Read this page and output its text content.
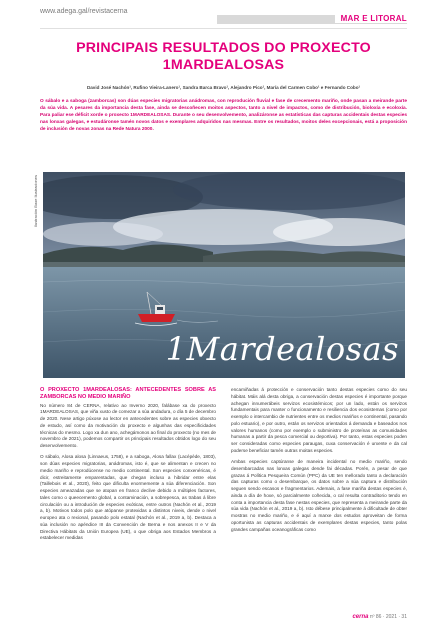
www.adega.gal/revistacerna
MAR E LITORAL
PRINCIPAIS RESULTADOS DO PROXECTO
1MARDEALOSAS
David José Nachón¹, Rufino Vieira-Lanero¹, Sandra Barca Bravo¹, Alejandro Pico¹, María del Carmen Cobo¹ e Fernando Cobo¹

O sábalo e a saboga (zamborcas) son dúas especies migratorias anádromas, con reprodución fluvial e fase de crecemento mariño, onde pasan a meirande parte da súa vida. A pesares da importancia desta fase, ainda se descoñecen moitos aspectos, tanto a nivel de impactos, como de distribución, bioloxía e ecoloxía. Para paliar ese déficit xorde o proxecto 1MARDEALOSAS. Durante o seu desenvolvemento, analizáronse as estatísticas das capturas accidentais destas especies nas lonxas galegas, e estudáronse tamén novos datos e exemplares adquiridos nas mesmas. Entre os resultados, moitos deles excepcionais, está a proposición de inclusión de novas zonas na Rede Natura 2000.

Ilustración Baxe Ilustraciones
1Mardealosas
O PROXECTO 1MARDEALOSAS: ANTECEDENTES SOBRE AS ZAMBORCAS NO MEDIO MARIÑO

No número 84 de CERNA, relativo ao Inverno 2020, falábase xa do proxecto 1MARDEALOSAS, que viña xusto de comezar a súa andadura, o día 5 de decembro de 2020. Nese artigo púxose ao lector en antecedentes sobre as especies obxecto de estudo, así como da motivación do proxecto e algunhas das especificidades técnicas do mesmo. Logo xa dun ano, achegámonos ao final do proxecto (no mes de novembro de 2021), podemos compartir os principais resultados obtidos logo do seu desenvolvemento.

O sábalo, Alosa alosa (Linnaeus, 1758), e a saboga, Alosa fallax (Lacépède, 1803), son dúas especies migratorias, anádromas, isto é, que se alimentan e crecen no medio mariño e reprodúcense no medio continental. Son especies conxenéricas, é dicir, estreitamente emparentadas, que chegan incluso a hibridar entre elas (Taillebois et al., 2020), feito que dificulta enormemente a súa diferenciación. Son especies ameazadas que se atopan en franco declive debido a múltiples factores, tales como o queecemento global, a contaminación, a sobrepesca, as trabas á libre circulación ou a introdución de especies exóticas, entre outros (Nachón et al., 2019 a, b). Motivos todos polo que atópanse protexidas a distintos niveis, dende o nivel europeo ata o rexional, pasando polo estatal (Nachón et al., 2019 a, b). Destaca a súa inclusión no apéndice III da Convención de Berna e nos anexos II e V da Directiva Hábitats da Unión Europea (UE), o que obriga aos Estados Membros a estabelecer medidas

encamiñadas á protección e conservación tanto destas especies como do seu hábitat. Máis alá desta obriga, a conservación destas especies é importante porque achegan innumerábeis servizos ecosistémicos; por un lado, están os servizos fundamentais para manter o funcionamento e resiliencia dos ecosistemas (como por exemplo o intercambio de nutrientes entre os medios mariños e continental, pasando polo estuario), e por outro, están os servizos orientados á demanda e baseados nos valores humanos (como por exemplo o subministro de proteínas as comunidades humanas a partir da pesca comercial ou deportiva). Por tanto, estas especies poden ser consideradas como especies paraugas, cuxa conservación é urxente e da cal poderse beneficiar tamén outras moitas especies.

Ambas especies captúranse de maneira incidental no medio mariño, sendo desembarcadas nas lonxas galegas dende fai décadas. Porén, a pesar de que grazas á Política Pesqueira Común (PPC) da UE ten mellorado tanto a declaración das capturas como o desembarque, os datos sobre a súa captura e distribución seguen sendo escasos e fragmentarios. Ademais, a fase mariña destas especies é, ainda a día de hoxe, só parcialmente coñecida, o cal resulta contraditorio tendo en conta a importancia desta fase nestas especies, que representa a meirande parte da súa vida (Nachón et al., 2019 a, b). Isto débese principalmente á dificultade de obter mostras no medio mariño, e é aquí a marxe dos estudos aproveitan de forma oportunista as capturas accidentais de exemplares destas especies, tanto polas grandes campañas oceanográficas como

cerna nº 86 · 2021 · 31
